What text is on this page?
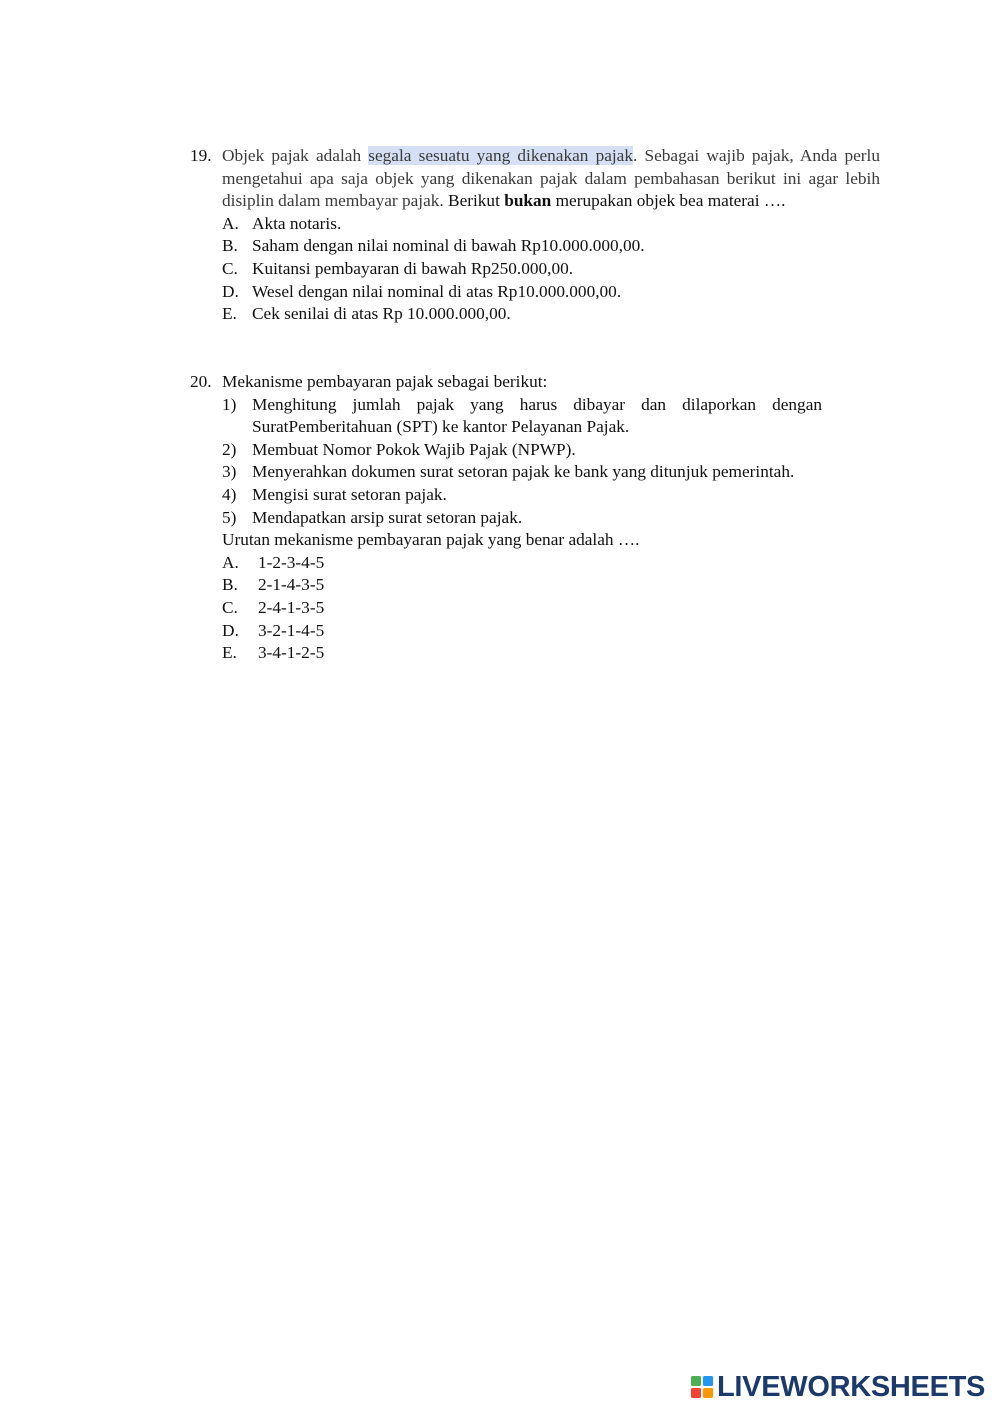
19. Objek pajak adalah segala sesuatu yang dikenakan pajak. Sebagai wajib pajak, Anda perlu mengetahui apa saja objek yang dikenakan pajak dalam pembahasan berikut ini agar lebih disiplin dalam membayar pajak. Berikut bukan merupakan objek bea materai ….
A. Akta notaris.
B. Saham dengan nilai nominal di bawah Rp10.000.000,00.
C. Kuitansi pembayaran di bawah Rp250.000,00.
D. Wesel dengan nilai nominal di atas Rp10.000.000,00.
E. Cek senilai di atas Rp 10.000.000,00.
20. Mekanisme pembayaran pajak sebagai berikut:
1) Menghitung jumlah pajak yang harus dibayar dan dilaporkan dengan SuratPemberitahuan (SPT) ke kantor Pelayanan Pajak.
2) Membuat Nomor Pokok Wajib Pajak (NPWP).
3) Menyerahkan dokumen surat setoran pajak ke bank yang ditunjuk pemerintah.
4) Mengisi surat setoran pajak.
5) Mendapatkan arsip surat setoran pajak.
Urutan mekanisme pembayaran pajak yang benar adalah ….
A.	1-2-3-4-5
B.	2-1-4-3-5
C.	2-4-1-3-5
D.	3-2-1-4-5
E.	3-4-1-2-5
LIVEWORKSHEETS
